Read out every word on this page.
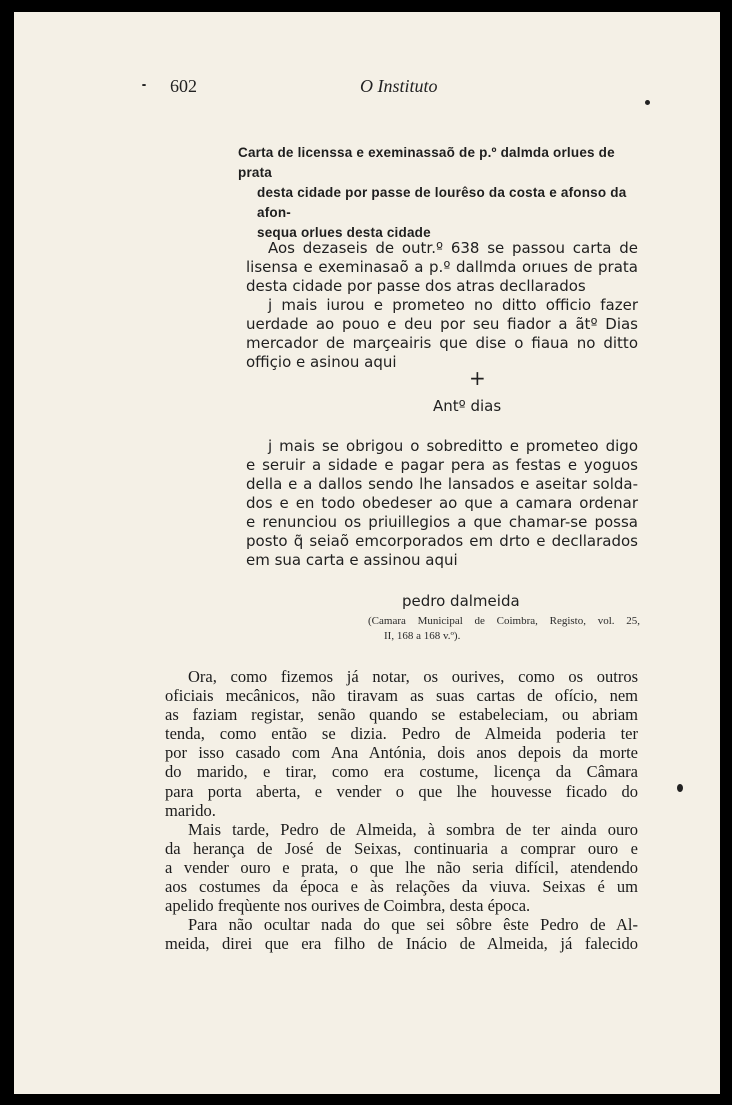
602	O Instituto

Carta de licenssa e exeminassaõ de p.º dalmda orlues de prata
desta cidade por passe de lourêso da costa e afonso da afon-
sequa orlues desta cidade
Aos dezaseis de outr.º 638 se passou carta de
lisensa e exeminasaõ a p.º dallmda orıues de prata
desta cidade por passe dos atras decllarados
j mais iurou e prometeo no ditto officio fazer
uerdade ao pouo e deu por seu fiador a ãtº Dias
mercador de marçeairis que dise o fiaua no ditto
offiçio e asinou aqui

+

Antº dias

j mais se obrigou o sobreditto e prometeo digo
e seruir a sidade e pagar pera as festas e yoguos
della e a dallos sendo lhe lansados e aseitar solda-
dos e en todo obedeser ao que a camara ordenar
e renunciou os priuillegios a que chamar-se possa
posto q̃ seiaõ emcorporados em drto e decllarados
em sua carta e assinou aqui

pedro dalmeida

(Camara Municipal de Coimbra, Registo, vol. 25,
II, 168 a 168 v.º).
Ora, como fizemos já notar, os ourives, como os outros
oficiais mecânicos, não tiravam as suas cartas de ofício, nem
as faziam registar, senão quando se estabeleciam, ou abriam
tenda, como então se dizia. Pedro de Almeida poderia ter
por isso casado com Ana Antónia, dois anos depois da morte
do marido, e tirar, como era costume, licença da Câmara
para porta aberta, e vender o que lhe houvesse ficado do
marido.
Mais tarde, Pedro de Almeida, à sombra de ter ainda ouro
da herança de José de Seixas, continuaria a comprar ouro e
a vender ouro e prata, o que lhe não seria difícil, atendendo
aos costumes da época e às relações da viuva. Seixas é um
apelido freqùente nos ourives de Coimbra, desta época.
Para não ocultar nada do que sei sôbre êste Pedro de Al-
meida, direi que era filho de Inácio de Almeida, já falecido
